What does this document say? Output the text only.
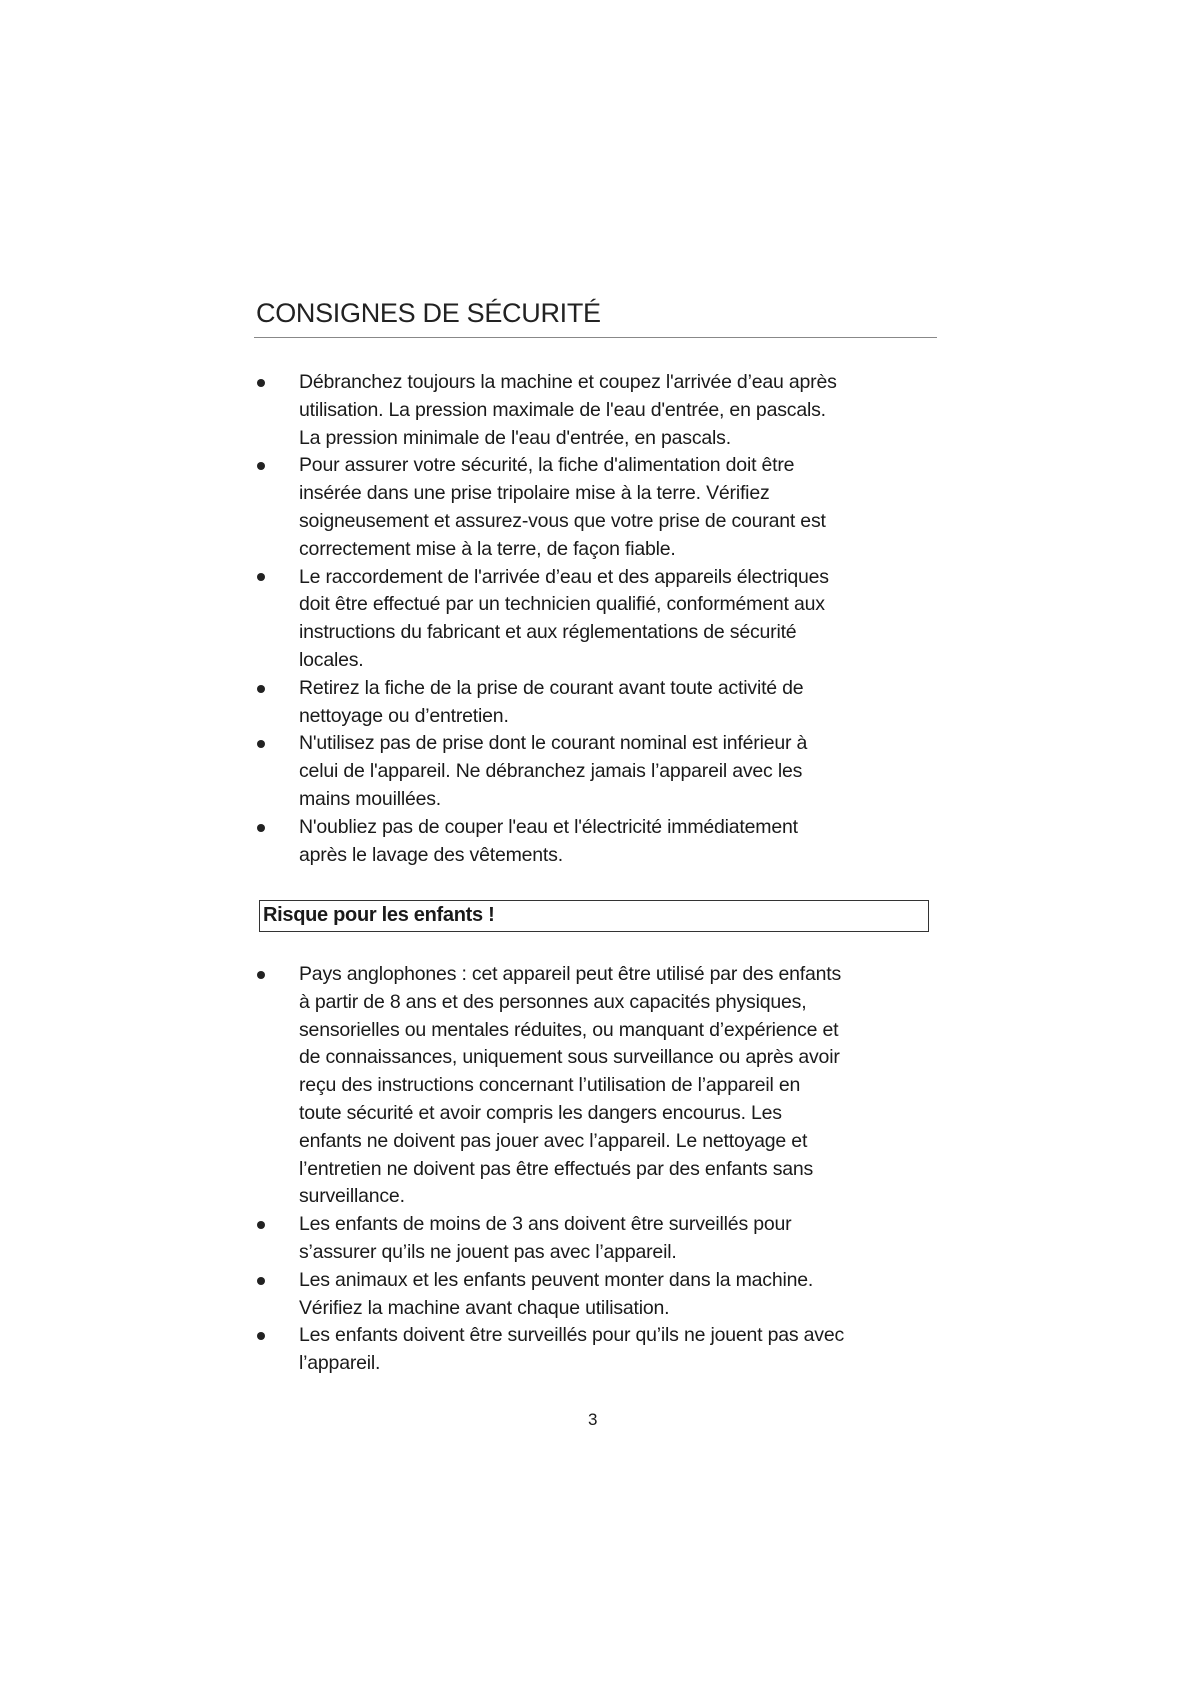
CONSIGNES DE SÉCURITÉ
Débranchez toujours la machine et coupez l'arrivée d’eau après
utilisation. La pression maximale de l'eau d'entrée, en pascals.
La pression minimale de l'eau d'entrée, en pascals.
Pour assurer votre sécurité, la fiche d'alimentation doit être
insérée dans une prise tripolaire mise à la terre. Vérifiez
soigneusement et assurez-vous que votre prise de courant est
correctement mise à la terre, de façon fiable.
Le raccordement de l'arrivée d’eau et des appareils électriques
doit être effectué par un technicien qualifié, conformément aux
instructions du fabricant et aux réglementations de sécurité
locales.
Retirez la fiche de la prise de courant avant toute activité de
nettoyage ou d’entretien.
N'utilisez pas de prise dont le courant nominal est inférieur à
celui de l'appareil. Ne débranchez jamais l’appareil avec les
mains mouillées.
N'oubliez pas de couper l'eau et l'électricité immédiatement
après le lavage des vêtements.
Risque pour les enfants !
Pays anglophones : cet appareil peut être utilisé par des enfants
à partir de 8 ans et des personnes aux capacités physiques,
sensorielles ou mentales réduites, ou manquant d’expérience et
de connaissances, uniquement sous surveillance ou après avoir
reçu des instructions concernant l’utilisation de l’appareil en
toute sécurité et avoir compris les dangers encourus. Les
enfants ne doivent pas jouer avec l’appareil. Le nettoyage et
l’entretien ne doivent pas être effectués par des enfants sans
surveillance.
Les enfants de moins de 3 ans doivent être surveillés pour
s’assurer qu’ils ne jouent pas avec l’appareil.
Les animaux et les enfants peuvent monter dans la machine.
Vérifiez la machine avant chaque utilisation.
Les enfants doivent être surveillés pour qu’ils ne jouent pas avec
l’appareil.
3
